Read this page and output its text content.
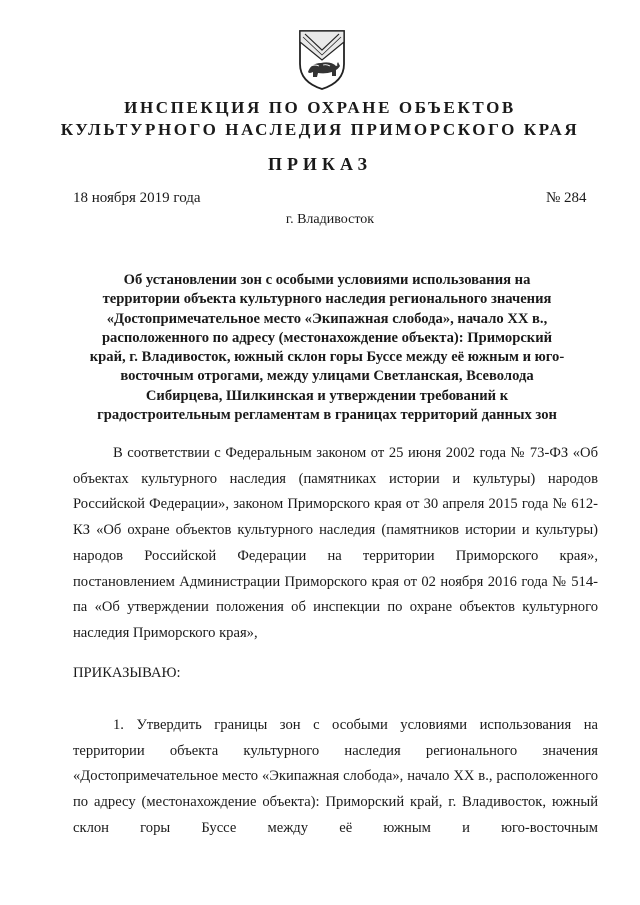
ИНСПЕКЦИЯ ПО ОХРАНЕ ОБЪЕКТОВ
КУЛЬТУРНОГО НАСЛЕДИЯ ПРИМОРСКОГО КРАЯ
ПРИКАЗ
18 ноября 2019 года	№ 284
г. Владивосток
Об установлении зон с особыми условиями использования на территории объекта культурного наследия регионального значения «Достопримечательное место «Экипажная слобода», начало XX в., расположенного по адресу (местонахождение объекта): Приморский край, г. Владивосток, южный склон горы Буссе между её южным и юго-восточным отрогами, между улицами Светланская, Всеволода Сибирцева, Шилкинская и утверждении требований к градостроительным регламентам в границах территорий данных зон
В соответствии с Федеральным законом от 25 июня 2002 года № 73-ФЗ «Об объектах культурного наследия (памятниках истории и культуры) народов Российской Федерации», законом Приморского края от 30 апреля 2015 года № 612-КЗ «Об охране объектов культурного наследия (памятников истории и культуры) народов Российской Федерации на территории Приморского края», постановлением Администрации Приморского края от 02 ноября 2016 года № 514-па «Об утверждении положения об инспекции по охране объектов культурного наследия Приморского края»,
ПРИКАЗЫВАЮ:
1. Утвердить границы зон с особыми условиями использования на территории объекта культурного наследия регионального значения «Достопримечательное место «Экипажная слобода», начало XX в., расположенного по адресу (местонахождение объекта): Приморский край, г. Владивосток, южный склон горы Буссе между её южным и юго-восточным
